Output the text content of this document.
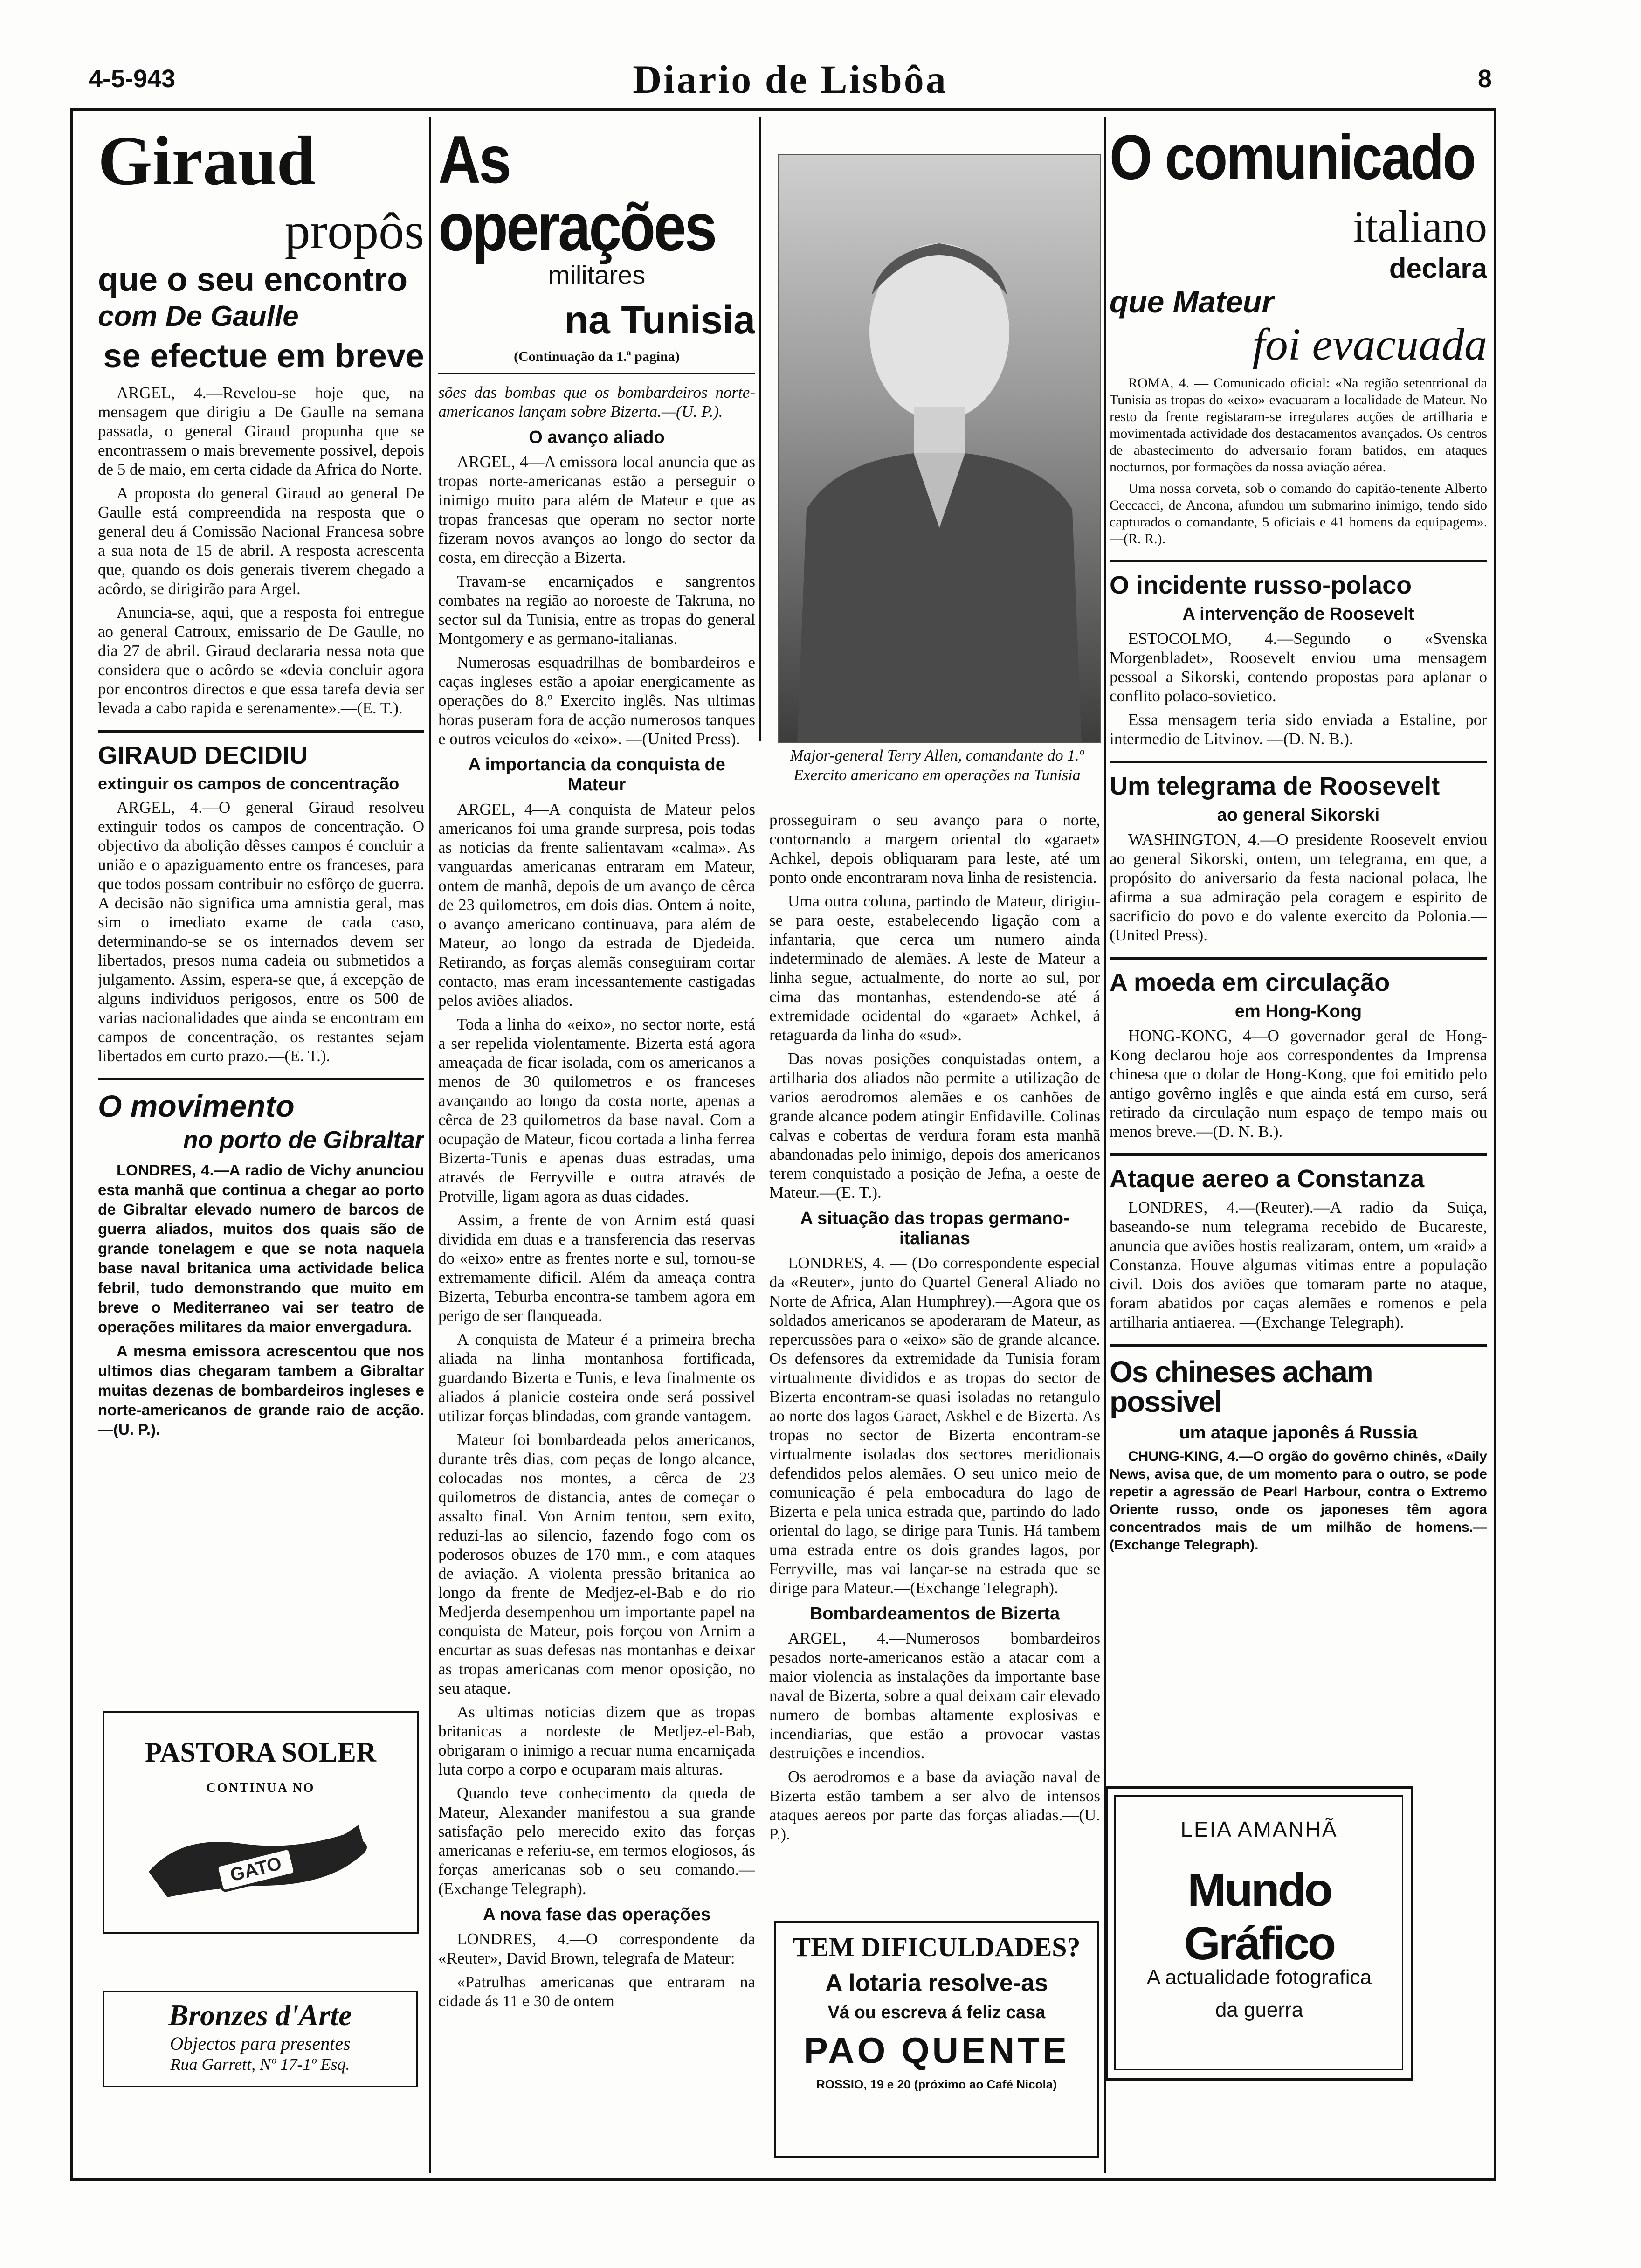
4-5-943	Diario de Lisbôa	8
Giraud
propôs
que o seu encontro
com De Gaulle
se efectue em breve

ARGEL, 4.—Revelou-se hoje que, na mensagem que dirigiu a De Gaulle na semana passada, o general Giraud propunha que se encontrassem o mais brevemente possivel, depois de 5 de maio, em certa cidade da Africa do Norte.

A proposta do general Giraud ao general De Gaulle está compreendida na resposta que o general deu á Comissão Nacional Francesa sobre a sua nota de 15 de abril. A resposta acrescenta que, quando os dois generais tiverem chegado a acôrdo, se dirigirão para Argel.

Anuncia-se, aqui, que a resposta foi entregue ao general Catroux, emissario de De Gaulle, no dia 27 de abril. Giraud declararia nessa nota que considera que o acôrdo se «devia concluir agora por encontros directos e que essa tarefa devia ser levada a cabo rapida e serenamente».—(E. T.).

GIRAUD DECIDIU
extinguir os campos de concentração

ARGEL, 4.—O general Giraud resolveu extinguir todos os campos de concentração. O objectivo da abolição dêsses campos é concluir a união e o apaziguamento entre os franceses, para que todos possam contribuir no esfôrço de guerra. A decisão não significa uma amnistia geral, mas sim o imediato exame de cada caso, determinando-se se os internados devem ser libertados, presos numa cadeia ou submetidos a julgamento. Assim, espera-se que, á excepção de alguns individuos perigosos, entre os 500 de varias nacionalidades que ainda se encontram em campos de concentração, os restantes sejam libertados em curto prazo.—(E. T.).

O movimento
no porto de Gibraltar

LONDRES, 4.—A radio de Vichy anunciou esta manhã que continua a chegar ao porto de Gibraltar elevado numero de barcos de guerra aliados, muitos dos quais são de grande tonelagem e que se nota naquela base naval britanica uma actividade belica febril, tudo demonstrando que muito em breve o Mediterraneo vai ser teatro de operações militares da maior envergadura.

A mesma emissora acrescentou que nos ultimos dias chegaram tambem a Gibraltar muitas dezenas de bombardeiros ingleses e norte-americanos de grande raio de acção.—(U. P.).

PASTORA SOLER
CONTINUA NO
GATO
Bronzes d'Arte
Objectos para presentes
Rua Garrett, Nº 17-1º Esq.
As operações
militares
na Tunisia
(Continuação da 1.ª pagina)

sões das bombas que os bombardeiros norte-americanos lançam sobre Bizerta.—(U. P.).

O avanço aliado

ARGEL, 4—A emissora local anuncia que as tropas norte-americanas estão a perseguir o inimigo muito para além de Mateur e que as tropas francesas que operam no sector norte fizeram novos avanços ao longo do sector da costa, em direcção a Bizerta.

Travam-se encarniçados e sangrentos combates na região ao noroeste de Takruna, no sector sul da Tunisia, entre as tropas do general Montgomery e as germano-italianas.

Numerosas esquadrilhas de bombardeiros e caças ingleses estão a apoiar energicamente as operações do 8.º Exercito inglês. Nas ultimas horas puseram fora de acção numerosos tanques e outros veiculos do «eixo». —(United Press).

A importancia da conquista de Mateur

ARGEL, 4—A conquista de Mateur pelos americanos foi uma grande surpresa, pois todas as noticias da frente salientavam «calma». As vanguardas americanas entraram em Mateur, ontem de manhã, depois de um avanço de cêrca de 23 quilometros, em dois dias. Ontem á noite, o avanço americano continuava, para além de Mateur, ao longo da estrada de Djedeida. Retirando, as forças alemãs conseguiram cortar contacto, mas eram incessantemente castigadas pelos aviões aliados.

Toda a linha do «eixo», no sector norte, está a ser repelida violentamente. Bizerta está agora ameaçada de ficar isolada, com os americanos a menos de 30 quilometros e os franceses avançando ao longo da costa norte, apenas a cêrca de 23 quilometros da base naval. Com a ocupação de Mateur, ficou cortada a linha ferrea Bizerta-Tunis e apenas duas estradas, uma através de Ferryville e outra através de Protville, ligam agora as duas cidades.

Assim, a frente de von Arnim está quasi dividida em duas e a transferencia das reservas do «eixo» entre as frentes norte e sul, tornou-se extremamente dificil. Além da ameaça contra Bizerta, Teburba encontra-se tambem agora em perigo de ser flanqueada.

A conquista de Mateur é a primeira brecha aliada na linha montanhosa fortificada, guardando Bizerta e Tunis, e leva finalmente os aliados á planicie costeira onde será possivel utilizar forças blindadas, com grande vantagem.

Mateur foi bombardeada pelos americanos, durante três dias, com peças de longo alcance, colocadas nos montes, a cêrca de 23 quilometros de distancia, antes de começar o assalto final. Von Arnim tentou, sem exito, reduzi-las ao silencio, fazendo fogo com os poderosos obuzes de 170 mm., e com ataques de aviação. A violenta pressão britanica ao longo da frente de Medjez-el-Bab e do rio Medjerda desempenhou um importante papel na conquista de Mateur, pois forçou von Arnim a encurtar as suas defesas nas montanhas e deixar as tropas americanas com menor oposição, no seu ataque.

As ultimas noticias dizem que as tropas britanicas a nordeste de Medjez-el-Bab, obrigaram o inimigo a recuar numa encarniçada luta corpo a corpo e ocuparam mais alturas.

Quando teve conhecimento da queda de Mateur, Alexander manifestou a sua grande satisfação pelo merecido exito das forças americanas e referiu-se, em termos elogiosos, ás forças americanas sob o seu comando.—(Exchange Telegraph).

A nova fase das operações

LONDRES, 4.—O correspondente da «Reuter», David Brown, telegrafa de Mateur:

«Patrulhas americanas que entraram na cidade ás 11 e 30 de ontem

Major-general Terry Allen, comandante do 1.º Exercito americano em operações na Tunisia

prosseguiram o seu avanço para o norte, contornando a margem oriental do «garaet» Achkel, depois obliquaram para leste, até um ponto onde encontraram nova linha de resistencia.

Uma outra coluna, partindo de Mateur, dirigiu-se para oeste, estabelecendo ligação com a infantaria, que cerca um numero ainda indeterminado de alemães. A leste de Mateur a linha segue, actualmente, do norte ao sul, por cima das montanhas, estendendo-se até á extremidade ocidental do «garaet» Achkel, á retaguarda da linha do «sud».

Das novas posições conquistadas ontem, a artilharia dos aliados não permite a utilização de varios aerodromos alemães e os canhões de grande alcance podem atingir Enfidaville. Colinas calvas e cobertas de verdura foram esta manhã abandonadas pelo inimigo, depois dos americanos terem conquistado a posição de Jefna, a oeste de Mateur.—(E. T.).

A situação das tropas germano-italianas

LONDRES, 4. — (Do correspondente especial da «Reuter», junto do Quartel General Aliado no Norte de Africa, Alan Humphrey).—Agora que os soldados americanos se apoderaram de Mateur, as repercussões para o «eixo» são de grande alcance. Os defensores da extremidade da Tunisia foram virtualmente divididos e as tropas do sector de Bizerta encontram-se quasi isoladas no retangulo ao norte dos lagos Garaet, Askhel e de Bizerta. As tropas no sector de Bizerta encontram-se virtualmente isoladas dos sectores meridionais defendidos pelos alemães. O seu unico meio de comunicação é pela embocadura do lago de Bizerta e pela unica estrada que, partindo do lado oriental do lago, se dirige para Tunis. Há tambem uma estrada entre os dois grandes lagos, por Ferryville, mas vai lançar-se na estrada que se dirige para Mateur.—(Exchange Telegraph).

Bombardeamentos de Bizerta

ARGEL, 4.—Numerosos bombardeiros pesados norte-americanos estão a atacar com a maior violencia as instalações da importante base naval de Bizerta, sobre a qual deixam cair elevado numero de bombas altamente explosivas e incendiarias, que estão a provocar vastas destruições e incendios.

Os aerodromos e a base da aviação naval de Bizerta estão tambem a ser alvo de intensos ataques aereos por parte das forças aliadas.—(U. P.).

TEM DIFICULDADES?
A lotaria resolve-as
Vá ou escreva á feliz casa
PAO QUENTE
ROSSIO, 19 e 20 (próximo ao Café Nicola)
O comunicado
italiano
declara
que Mateur
foi evacuada

ROMA, 4. — Comunicado oficial: «Na região setentrional da Tunisia as tropas do «eixo» evacuaram a localidade de Mateur. No resto da frente registaram-se irregulares acções de artilharia e movimentada actividade dos destacamentos avançados. Os centros de abastecimento do adversario foram batidos, em ataques nocturnos, por formações da nossa aviação aérea.

Uma nossa corveta, sob o comando do capitão-tenente Alberto Ceccacci, de Ancona, afundou um submarino inimigo, tendo sido capturados o comandante, 5 oficiais e 41 homens da equipagem».—(R. R.).

O incidente russo-polaco
A intervenção de Roosevelt

ESTOCOLMO, 4.—Segundo o «Svenska Morgenbladet», Roosevelt enviou uma mensagem pessoal a Sikorski, contendo propostas para aplanar o conflito polaco-sovietico.

Essa mensagem teria sido enviada a Estaline, por intermedio de Litvinov. —(D. N. B.).

Um telegrama de Roosevelt
ao general Sikorski

WASHINGTON, 4.—O presidente Roosevelt enviou ao general Sikorski, ontem, um telegrama, em que, a propósito do aniversario da festa nacional polaca, lhe afirma a sua admiração pela coragem e espirito de sacrificio do povo e do valente exercito da Polonia.—(United Press).

A moeda em circulação
em Hong-Kong

HONG-KONG, 4—O governador geral de Hong-Kong declarou hoje aos correspondentes da Imprensa chinesa que o dolar de Hong-Kong, que foi emitido pelo antigo govêrno inglês e que ainda está em curso, será retirado da circulação num espaço de tempo mais ou menos breve.—(D. N. B.).

Ataque aereo a Constanza

LONDRES, 4.—(Reuter).—A radio da Suiça, baseando-se num telegrama recebido de Bucareste, anuncia que aviões hostis realizaram, ontem, um «raid» a Constanza. Houve algumas vitimas entre a população civil. Dois dos aviões que tomaram parte no ataque, foram abatidos por caças alemães e romenos e pela artilharia antiaerea. —(Exchange Telegraph).

Os chineses acham possivel
um ataque japonês á Russia

CHUNG-KING, 4.—O orgão do govêrno chinês, «Daily News, avisa que, de um momento para o outro, se pode repetir a agressão de Pearl Harbour, contra o Extremo Oriente russo, onde os japoneses têm agora concentrados mais de um milhão de homens.—(Exchange Telegraph).

LEIA AMANHÃ
Mundo Gráfico
A actualidade fotografica
da guerra
